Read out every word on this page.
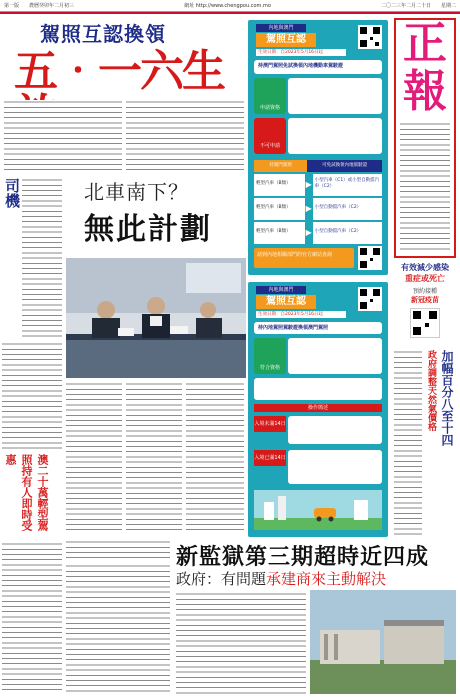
第一版 農曆癸卯年二月初三	網址 http://www.chengpou.com.mo	二〇二三年二月二十日 星期二
駕照互認換領
五‧一六生
司機	北車南下？
無此計劃
澳二十萬輕型駕照持有人即時受惠
內地與澳門
駕照互認
生效日期：自2023年5月16日起
持澳門駕照免試換領內地機動車駕駛證
申請資格
不可申請
持澳門駕照	可免試換領內地駕駛證
輕型汽車（B類）	▶ 小型汽車（C1）或小型自動擋汽車（C2）
輕型汽車（B類）	▶ 小型自動擋汽車（C2）
輕型汽車（B類）	▶ 小型自動擋汽車（C2）
請到內地相關部門的官方網站查詢
內地與澳門
駕照互認
生效日期：自2023年5月16日起
持內地駕照駕駛證換領澳門駕照
符合資格
操作簡述
入境未滿14日
入境已滿14日
正
報
有效減少感染
重症或死亡
預約接種
新冠疫苗
加幅百分八至十四
政府調整天然氣價格
新監獄第三期超時近四成
政府：有問題承建商來主動解決
